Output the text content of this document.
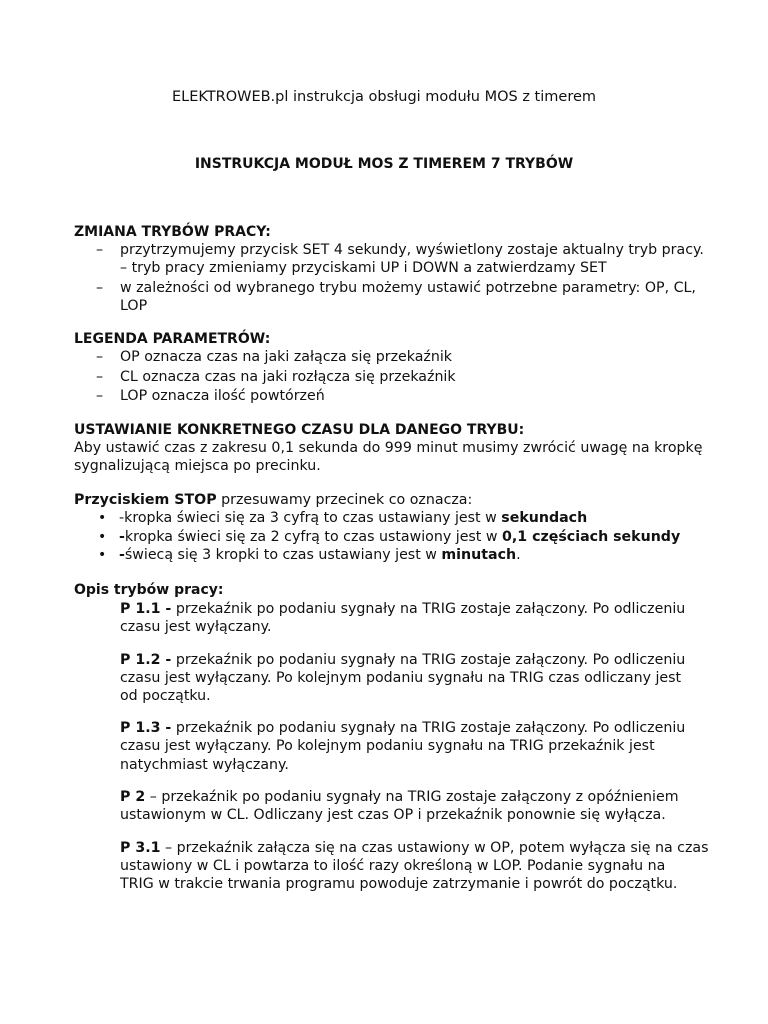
ELEKTROWEB.pl instrukcja obsługi modułu MOS z timerem
INSTRUKCJA MODUŁ MOS Z TIMEREM 7 TRYBÓW
ZMIANA TRYBÓW PRACY:
– przytrzymujemy przycisk SET 4 sekundy, wyświetlony zostaje aktualny tryb pracy.
– tryb pracy zmieniamy przyciskami UP i DOWN a zatwierdzamy SET
– w zależności od wybranego trybu możemy ustawić potrzebne parametry: OP, CL,
LOP
LEGENDA PARAMETRÓW:
– OP oznacza czas na jaki załącza się przekaźnik
– CL oznacza czas na jaki rozłącza się przekaźnik
– LOP oznacza ilość powtórzeń
USTAWIANIE KONKRETNEGO CZASU DLA DANEGO TRYBU:
Aby ustawić czas z zakresu 0,1 sekunda do 999 minut musimy zwrócić uwagę na kropkę
sygnalizującą miejsca po precinku.
Przyciskiem STOP przesuwamy przecinek co oznacza:
• -kropka świeci się za 3 cyfrą to czas ustawiany jest w sekundach
• -kropka świeci się za 2 cyfrą to czas ustawiony jest w 0,1 częściach sekundy
• -świecą się 3 kropki to czas ustawiany jest w minutach.
Opis trybów pracy:
P 1.1 - przekaźnik po podaniu sygnały na TRIG zostaje załączony. Po odliczeniu
czasu jest wyłączany.
P 1.2 - przekaźnik po podaniu sygnały na TRIG zostaje załączony. Po odliczeniu
czasu jest wyłączany. Po kolejnym podaniu sygnału na TRIG czas odliczany jest
od początku.
P 1.3 - przekaźnik po podaniu sygnały na TRIG zostaje załączony. Po odliczeniu
czasu jest wyłączany. Po kolejnym podaniu sygnału na TRIG przekaźnik jest
natychmiast wyłączany.
P 2 – przekaźnik po podaniu sygnały na TRIG zostaje załączony z opóźnieniem
ustawionym w CL. Odliczany jest czas OP i przekaźnik ponownie się wyłącza.
P 3.1 – przekaźnik załącza się na czas ustawiony w OP, potem wyłącza się na czas
ustawiony w CL i powtarza to ilość razy określoną w LOP. Podanie sygnału na
TRIG w trakcie trwania programu powoduje zatrzymanie i powrót do początku.
